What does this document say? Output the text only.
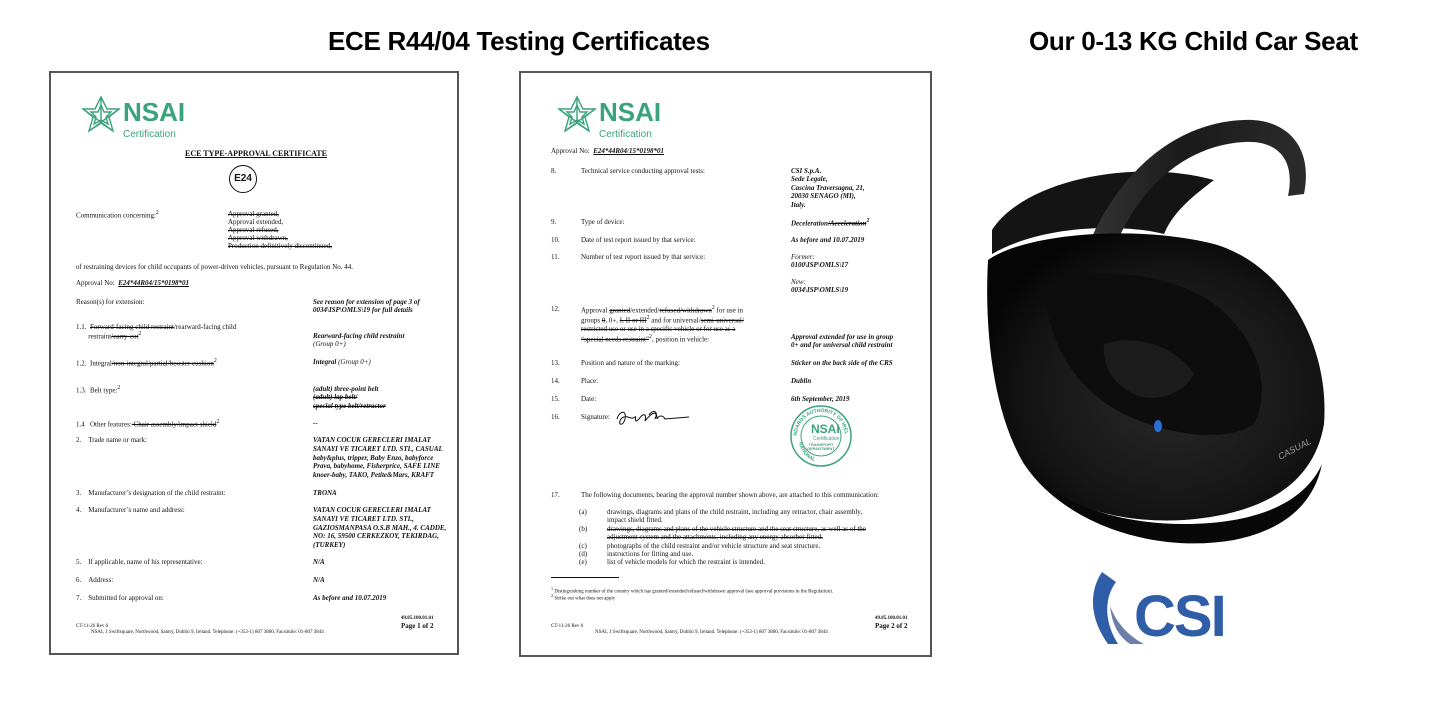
ECE R44/04 Testing Certificates	Our 0-13 KG Child Car Seat
NSAI
Certification
ECE TYPE-APPROVAL CERTIFICATE
E24
Communication concerning:$^2$	Approval granted,
Approval extended,
Approval refused,
Approval withdrawn,
Production definitively discontinued,
of restraining devices for child occupants of power-driven vehicles, pursuant to Regulation No. 44.
Approval No: E24*44R04/15*0198*01
Reason(s) for extension:	See reason for extension of page 3 of
0034\ISP\OMLS\19 for full details
1.1. Forward-facing child restraint/rearward-facing child
restraint/$carry-\cot^2$	Rearward-facing child restraint
(Group 0+)
1.2. Integral/non-integral/partial/booster cushion$^2$	Integral (Group 0+)
1.3. Belt type:$^2$	(adult) three-point belt
(adult) lap belt/
special type belt/retractor
1.4 Other features: Chair assembly/impact shield$^2$	--
2. Trade name or mark:	VATAN COCUK GERECLERI IMALAT
SANAYI VE TICARET LTD. STI., CASUAL
baby&plus, tripper, Baby Enzo, babyforce
Prava, babyhome, Fisherprice, SAFE LINE
knoer-baby, TAKO, Petite&Mars, KRAFT
3. Manufacturer’s designation of the child restraint:	TRONA
4. Manufacturer’s name and address:	VATAN COCUK GERECLERI IMALAT
SANAYI VE TICARET LTD. STI.,
GAZIOSMANPASA O.S.B MAH., 4. CADDE,
NO: 16, 59500 CERKEZKOY, TEKIRDAG,
(TURKEY)
5. If applicable, name of his representative:	N/A
6. Address:	N/A
7. Submitted for approval on:	As before and 10.07.2019
CT-11-26 Rev 6
49.85.100.01.01
Page 1 of 2
NSAI, 1 Swiftsquare, Northwood, Santry, Dublin 9, Ireland. Telephone: (+353-1) 807 3800, Facsimile: 01-807 3844
NSAI
Certification
Approval No: E24*44R04/15*0198*01
8.	Technical service conducting approval tests:	CSI S.p.A.
Sede Legale,
Cascina Traversagna, 21,
20030 SENAGO (MI),
Italy.
9.	Type of device:	Deceleration/Acceleration$^2$
10.	Date of test report issued by that service:	As before and 10.07.2019
11.	Number of test report issued by that service:	Former:
0100\ISP\OMLS\17
New:
0034\ISP\OMLS\19
12.	Approval granted/extended/refused/withdrawn$^2$ for use in
groups 0, 0+, I, II or III$^2$ and for universal/semi-universal/
restricted use or use in a specific vehicle or for use as a
“special needs restraint”$^2$, position in vehicle:	Approval extended for use in group
0+ and for universal child restraint
13.	Position and nature of the marking:	Sticker on the back side of the CRS
14.	Place:	Dublin
15.	Date:	6th September, 2019
16.	Signature:
NDARDS AUTHORITY OF IREL
NATIONAL
NSAI
Certification
TRANSPORT DEPARTMENT
17.	The following documents, bearing the approval number shown above, are attached to this communication:
(a)	drawings, diagrams and plans of the child restraint, including any retractor, chair assembly,
impact shield fitted.
(b)	drawings, diagrams and plans of the vehicle structure and the seat structure, as well as of the
adjustment system and the attachments, including any energy absorber fitted.
(c)	photographs of the child restraint and/or vehicle structure and seat structure.
(d)	instructions for fitting and use.
(e)	list of vehicle models for which the restraint is intended.
$^1$ Distinguishing number of the country which has granted/extended/refused/withdrawn approval (see approval provisions in the Regulation).
$^2$ Strike out what does not apply
CT-11-26 Rev 6
49.85.100.01.01
Page 2 of 2
NSAI, 1 Swiftsquare, Northwood, Santry, Dublin 9, Ireland. Telephone: (+353-1) 807 3800, Facsimile: 01-807 3844
CASUAL
CSI
